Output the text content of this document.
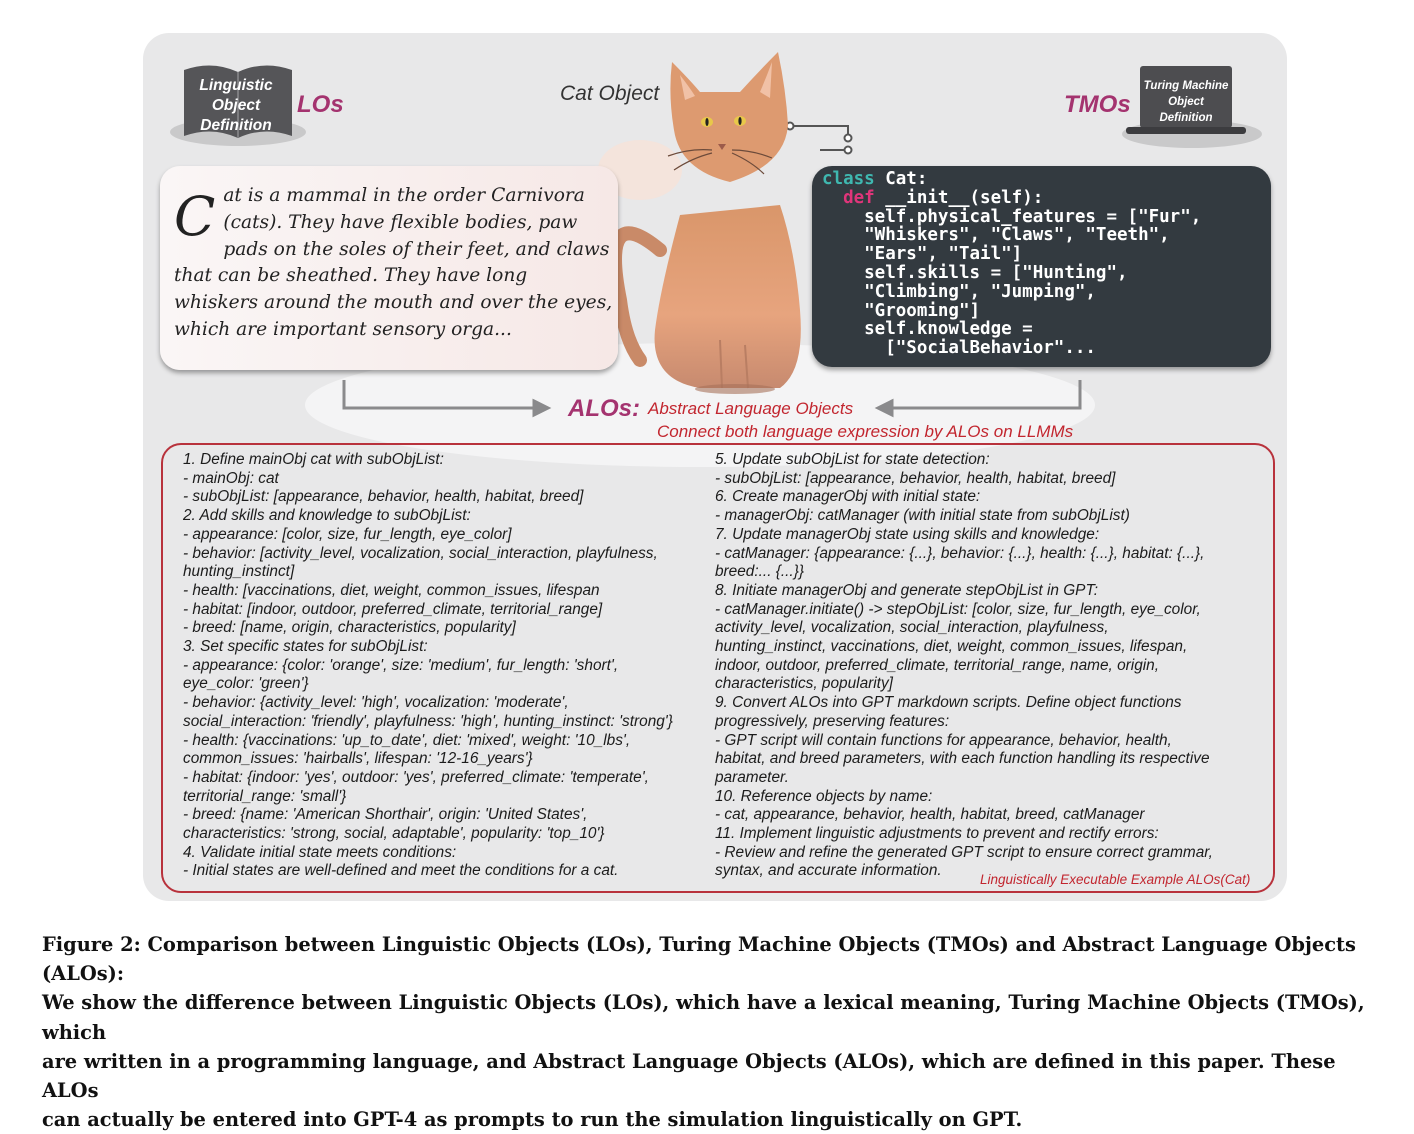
Linguistic
Object
Definition
LOs	Cat Object	Turing Machine
Object
Definition
TMOs
Cat is a mammal in the order Carnivora (cats). They have flexible bodies, paw pads on the soles of their feet, and claws that can be sheathed. They have long whiskers around the mouth and over the eyes, which are important sensory orga...
class Cat:
def __init__(self):
self.physical_features = ["Fur",
"Whiskers", "Claws", "Teeth",
"Ears", "Tail"]
self.skills = ["Hunting",
"Climbing", "Jumping",
"Grooming"]
self.knowledge =
["SocialBehavior"...
ALOs: Abstract Language Objects
Connect both language expression by ALOs on LLMMs
1. Define mainObj cat with subObjList:
- mainObj: cat
- subObjList: [appearance, behavior, health, habitat, breed]
2. Add skills and knowledge to subObjList:
- appearance: [color, size, fur_length, eye_color]
- behavior: [activity_level, vocalization, social_interaction, playfulness,
hunting_instinct]
- health: [vaccinations, diet, weight, common_issues, lifespan
- habitat: [indoor, outdoor, preferred_climate, territorial_range]
- breed: [name, origin, characteristics, popularity]
3. Set specific states for subObjList:
- appearance: {color: 'orange', size: 'medium', fur_length: 'short',
eye_color: 'green'}
- behavior: {activity_level: 'high', vocalization: 'moderate',
social_interaction: 'friendly', playfulness: 'high', hunting_instinct: 'strong'}
- health: {vaccinations: 'up_to_date', diet: 'mixed', weight: '10_lbs',
common_issues: 'hairballs', lifespan: '12-16_years'}
- habitat: {indoor: 'yes', outdoor: 'yes', preferred_climate: 'temperate',
territorial_range: 'small'}
- breed: {name: 'American Shorthair', origin: 'United States',
characteristics: 'strong, social, adaptable', popularity: 'top_10'}
4. Validate initial state meets conditions:
- Initial states are well-defined and meet the conditions for a cat.
5. Update subObjList for state detection:
- subObjList: [appearance, behavior, health, habitat, breed]
6. Create managerObj with initial state:
- managerObj: catManager (with initial state from subObjList)
7. Update managerObj state using skills and knowledge:
- catManager: {appearance: {...}, behavior: {...}, health: {...}, habitat: {...},
breed:... {...}}
8. Initiate managerObj and generate stepObjList in GPT:
- catManager.initiate() -> stepObjList: [color, size, fur_length, eye_color,
activity_level, vocalization, social_interaction, playfulness,
hunting_instinct, vaccinations, diet, weight, common_issues, lifespan,
indoor, outdoor, preferred_climate, territorial_range, name, origin,
characteristics, popularity]
9. Convert ALOs into GPT markdown scripts. Define object functions
progressively, preserving features:
- GPT script will contain functions for appearance, behavior, health,
habitat, and breed parameters, with each function handling its respective
parameter.
10. Reference objects by name:
- cat, appearance, behavior, health, habitat, breed, catManager
11. Implement linguistic adjustments to prevent and rectify errors:
- Review and refine the generated GPT script to ensure correct grammar,
syntax, and accurate information.
Linguistically Executable Example ALOs(Cat)

Figure 2: Comparison between Linguistic Objects (LOs), Turing Machine Objects (TMOs) and Abstract Language Objects (ALOs):

We show the difference between Linguistic Objects (LOs), which have a lexical meaning, Turing Machine Objects (TMOs), which

are written in a programming language, and Abstract Language Objects (ALOs), which are defined in this paper. These ALOs

can actually be entered into GPT-4 as prompts to run the simulation linguistically on GPT.
